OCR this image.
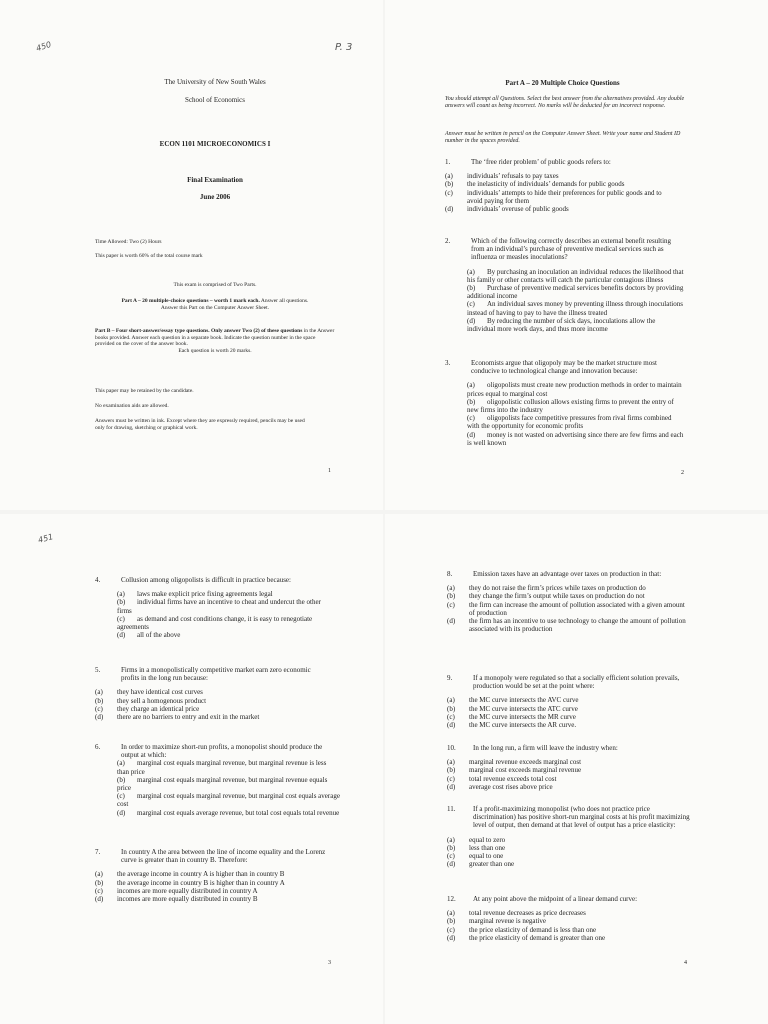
450	P. 3
The University of New South Wales
School of Economics
ECON 1101 MICROECONOMICS I
Final Examination
June 2006
Time Allowed: Two (2) Hours
This paper is worth 60% of the total course mark
This exam is comprised of Two Parts.
Part A – 20 multiple-choice questions – worth 1 mark each. Answer all questions.
Answer this Part on the Computer Answer Sheet.
Part B – Four short-answer/essay type questions. Only answer Two (2) of these questions in the Answer books provided. Answer each question in a separate book. Indicate the question number in the space provided on the cover of the answer book.
Each question is worth 20 marks.
This paper may be retained by the candidate.
No examination aids are allowed.
Answers must be written in ink. Except where they are expressly required, pencils may be used only for drawing, sketching or graphical work.
1
Part A – 20 Multiple Choice Questions
You should attempt all Questions. Select the best answer from the alternatives provided. Any double answers will count as being incorrect. No marks will be deducted for an incorrect response.
Answer must be written in pencil on the Computer Answer Sheet. Write your name and Student ID number in the spaces provided.
1.	The ‘free rider problem’ of public goods refers to:
(a)	individuals’ refusals to pay taxes
(b)	the inelasticity of individuals’ demands for public goods
(c)	individuals’ attempts to hide their preferences for public goods and to avoid paying for them
(d)	individuals’ overuse of public goods
2.	Which of the following correctly describes an external benefit resulting from an individual’s purchase of preventive medical services such as influenza or measles inoculations?
(a) By purchasing an inoculation an individual reduces the likelihood that his family or other contacts will catch the particular contagious illness
(b) Purchase of preventive medical services benefits doctors by providing additional income
(c) An individual saves money by preventing illness through inoculations instead of having to pay to have the illness treated
(d) By reducing the number of sick days, inoculations allow the individual more work days, and thus more income
3.	Economists argue that oligopoly may be the market structure most conducive to technological change and innovation because:
(a) oligopolists must create new production methods in order to maintain prices equal to marginal cost
(b) oligopolistic collusion allows existing firms to prevent the entry of new firms into the industry
(c) oligopolists face competitive pressures from rival firms combined with the opportunity for economic profits
(d) money is not wasted on advertising since there are few firms and each is well known
2
451
4.	Collusion among oligopolists is difficult in practice because:
(a) laws make explicit price fixing agreements legal
(b) individual firms have an incentive to cheat and undercut the other firms
(c) as demand and cost conditions change, it is easy to renegotiate agreements
(d) all of the above
5.	Firms in a monopolistically competitive market earn zero economic profits in the long run because:
(a)	they have identical cost curves
(b)	they sell a homogenous product
(c)	they charge an identical price
(d)	there are no barriers to entry and exit in the market
6.	In order to maximize short-run profits, a monopolist should produce the output at which:
(a) marginal cost equals marginal revenue, but marginal revenue is less than price
(b) marginal cost equals marginal revenue, but marginal revenue equals price
(c) marginal cost equals marginal revenue, but marginal cost equals average cost
(d) marginal cost equals average revenue, but total cost equals total revenue
7.	In country A the area between the line of income equality and the Lorenz curve is greater than in country B. Therefore:
(a)	the average income in country A is higher than in country B
(b)	the average income in country B is higher than in country A
(c)	incomes are more equally distributed in country A
(d)	incomes are more equally distributed in country B
3
8.	Emission taxes have an advantage over taxes on production in that:
(a)	they do not raise the firm’s prices while taxes on production do
(b)	they change the firm’s output while taxes on production do not
(c)	the firm can increase the amount of pollution associated with a given amount of production
(d)	the firm has an incentive to use technology to change the amount of pollution associated with its production
9.	If a monopoly were regulated so that a socially efficient solution prevails, production would be set at the point where:
(a)	the MC curve intersects the AVC curve
(b)	the MC curve intersects the ATC curve
(c)	the MC curve intersects the MR curve
(d)	the MC curve intersects the AR curve.
10.	In the long run, a firm will leave the industry when:
(a)	marginal revenue exceeds marginal cost
(b)	marginal cost exceeds marginal revenue
(c)	total revenue exceeds total cost
(d)	average cost rises above price
11.	If a profit-maximizing monopolist (who does not practice price discrimination) has positive short-run marginal costs at his profit maximizing level of output, then demand at that level of output has a price elasticity:
(a)	equal to zero
(b)	less than one
(c)	equal to one
(d)	greater than one
12.	At any point above the midpoint of a linear demand curve:
(a)	total revenue decreases as price decreases
(b)	marginal reveue is negative
(c)	the price elasticity of demand is less than one
(d)	the price elasticity of demand is greater than one
4
